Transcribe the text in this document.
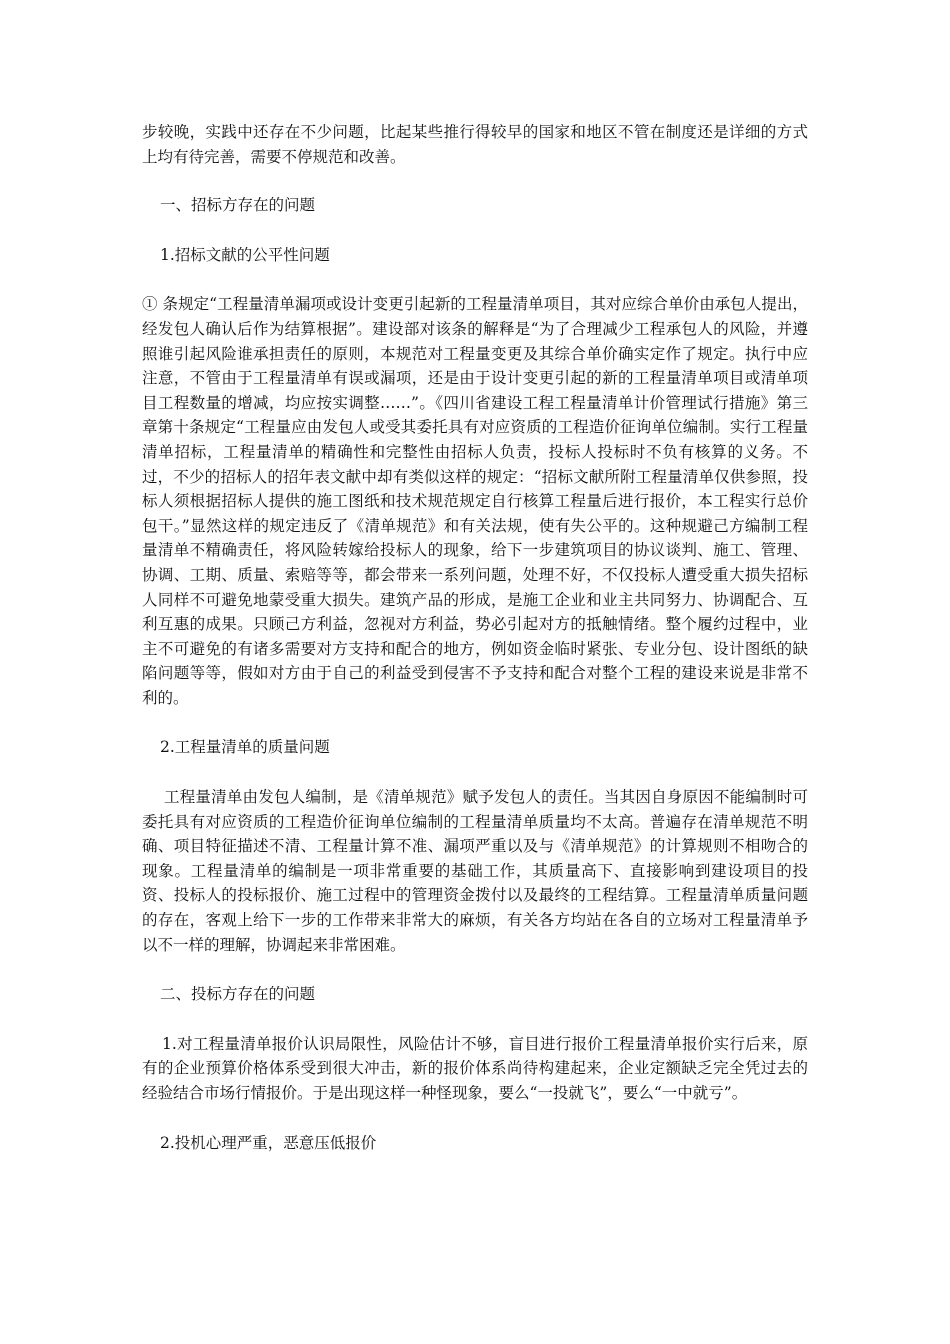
步较晚，实践中还存在不少问题，比起某些推行得较早的国家和地区不管在制度还是详细的方式上均有待完善，需要不停规范和改善。

一、招标方存在的问题

1.招标文献的公平性问题

① 条规定“工程量清单漏项或设计变更引起新的工程量清单项目，其对应综合单价由承包人提出，经发包人确认后作为结算根据”。建设部对该条的解释是“为了合理减少工程承包人的风险，并遵照谁引起风险谁承担责任的原则，本规范对工程量变更及其综合单价确实定作了规定。执行中应注意，不管由于工程量清单有误或漏项，还是由于设计变更引起的新的工程量清单项目或清单项目工程数量的增减，均应按实调整……”。《四川省建设工程工程量清单计价管理试行措施》第三章第十条规定“工程量应由发包人或受其委托具有对应资质的工程造价征询单位编制。实行工程量清单招标，工程量清单的精确性和完整性由招标人负责，投标人投标时不负有核算的义务。不过，不少的招标人的招年表文献中却有类似这样的规定：“招标文献所附工程量清单仅供参照，投标人须根据招标人提供的施工图纸和技术规范规定自行核算工程量后进行报价，本工程实行总价包干。”显然这样的规定违反了《清单规范》和有关法规，使有失公平的。这种规避己方编制工程量清单不精确责任，将风险转嫁给投标人的现象，给下一步建筑项目的协议谈判、施工、管理、协调、工期、质量、索赔等等，都会带来一系列问题，处理不好，不仅投标人遭受重大损失招标人同样不可避免地蒙受重大损失。建筑产品的形成，是施工企业和业主共同努力、协调配合、互利互惠的成果。只顾己方利益，忽视对方利益，势必引起对方的抵触情绪。整个履约过程中，业主不可避免的有诸多需要对方支持和配合的地方，例如资金临时紧张、专业分包、设计图纸的缺陷问题等等，假如对方由于自己的利益受到侵害不予支持和配合对整个工程的建设来说是非常不利的。

2.工程量清单的质量问题

工程量清单由发包人编制，是《清单规范》赋予发包人的责任。当其因自身原因不能编制时可委托具有对应资质的工程造价征询单位编制的工程量清单质量均不太高。普遍存在清单规范不明确、项目特征描述不清、工程量计算不准、漏项严重以及与《清单规范》的计算规则不相吻合的现象。工程量清单的编制是一项非常重要的基础工作，其质量高下、直接影响到建设项目的投资、投标人的投标报价、施工过程中的管理资金拨付以及最终的工程结算。工程量清单质量问题的存在，客观上给下一步的工作带来非常大的麻烦，有关各方均站在各自的立场对工程量清单予以不一样的理解，协调起来非常困难。

二、投标方存在的问题

1.对工程量清单报价认识局限性，风险估计不够，盲目进行报价工程量清单报价实行后来，原有的企业预算价格体系受到很大冲击，新的报价体系尚待构建起来，企业定额缺乏完全凭过去的经验结合市场行情报价。于是出现这样一种怪现象，要么“一投就飞”，要么“一中就亏”。

2.投机心理严重，恶意压低报价
